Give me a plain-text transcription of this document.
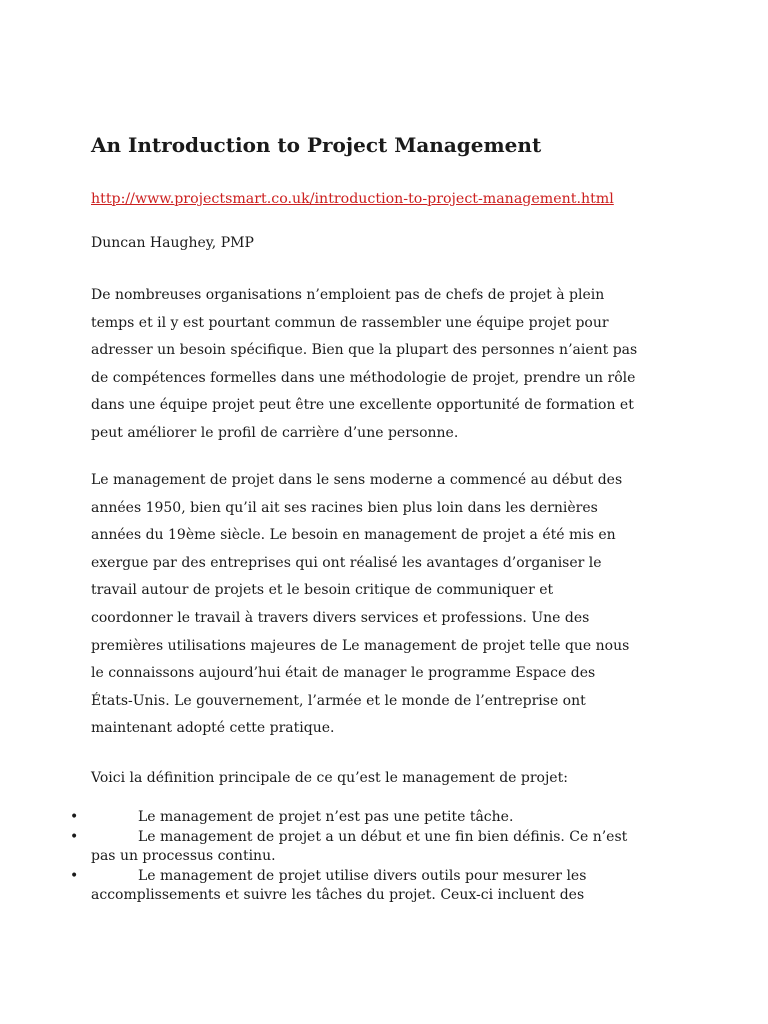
An Introduction to Project Management
http://www.projectsmart.co.uk/introduction-to-project-management.html
Duncan Haughey, PMP

De nombreuses organisations n’emploient pas de chefs de projet à plein
temps et il y est pourtant commun de rassembler une équipe projet pour
adresser un besoin spécifique. Bien que la plupart des personnes n’aient pas
de compétences formelles dans une méthodologie de projet, prendre un rôle
dans une équipe projet peut être une excellente opportunité de formation et
peut améliorer le profil de carrière d’une personne.

Le management de projet dans le sens moderne a commencé au début des
années 1950, bien qu’il ait ses racines bien plus loin dans les dernières
années du 19ème siècle. Le besoin en management de projet a été mis en
exergue par des entreprises qui ont réalisé les avantages d’organiser le
travail autour de projets et le besoin critique de communiquer et
coordonner le travail à travers divers services et professions. Une des
premières utilisations majeures de Le management de projet telle que nous
le connaissons aujourd’hui était de manager le programme Espace des
États-Unis. Le gouvernement, l’armée et le monde de l’entreprise ont
maintenant adopté cette pratique.

Voici la définition principale de ce qu’est le management de projet:
•	Le management de projet n’est pas une petite tâche.
•	Le management de projet a un début et une fin bien définis. Ce n’est
pas un processus continu.
•	Le management de projet utilise divers outils pour mesurer les
accomplissements et suivre les tâches du projet. Ceux-ci incluent des
